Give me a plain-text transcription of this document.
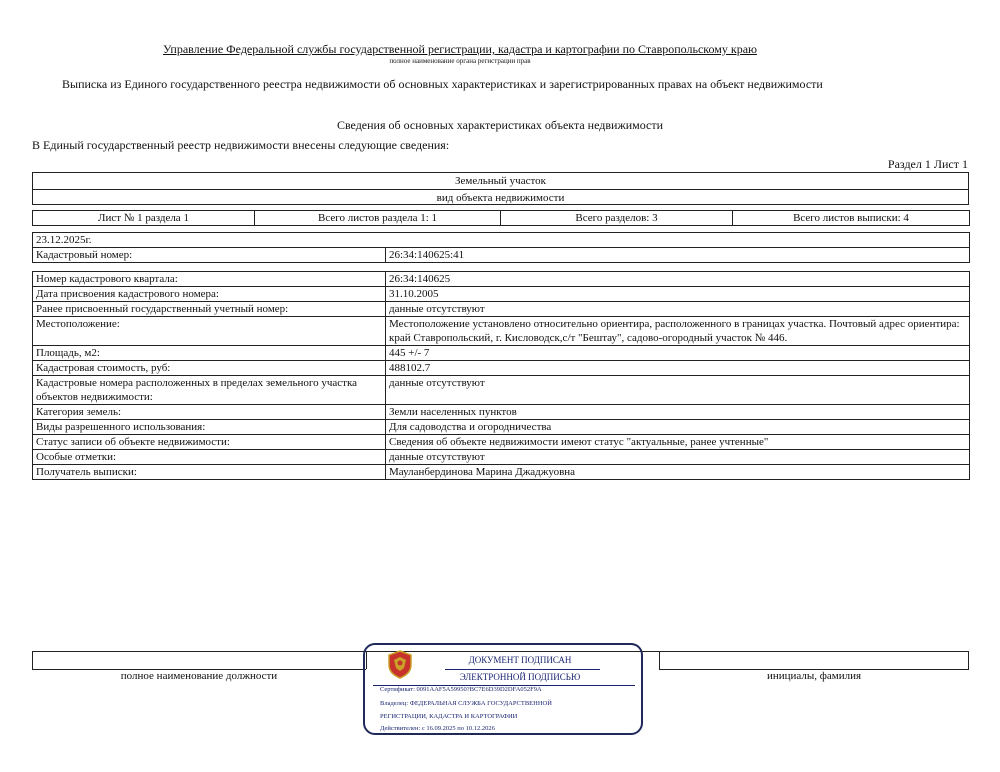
Управление Федеральной службы государственной регистрации, кадастра и картографии по Ставропольскому краю
полное наименование органа регистрации прав
Выписка из Единого государственного реестра недвижимости об основных характеристиках и зарегистрированных правах на объект недвижимости
Сведения об основных характеристиках объекта недвижимости
В Единый государственный реестр недвижимости внесены следующие сведения:
Раздел 1 Лист 1
Земельный участок
вид объекта недвижимости
Лист № 1 раздела 1	Всего листов раздела 1: 1	Всего разделов: 3	Всего листов выписки: 4
23.12.2025г.
Кадастровый номер:	26:34:140625:41
Номер кадастрового квартала:	26:34:140625
Дата присвоения кадастрового номера:	31.10.2005
Ранее присвоенный государственный учетный номер:	данные отсутствуют
Местоположение:	Местоположение установлено относительно ориентира, расположенного в границах участка. Почтовый адрес ориентира: край Ставропольский, г. Кисловодск,с/т "Бештау", садово-огородный участок № 446.
Площадь, м2:	445 +/- 7
Кадастровая стоимость, руб:	488102.7
Кадастровые номера расположенных в пределах земельного участка объектов недвижимости:	данные отсутствуют
Категория земель:	Земли населенных пунктов
Виды разрешенного использования:	Для садоводства и огородничества
Статус записи об объекте недвижимости:	Сведения об объекте недвижимости имеют статус "актуальные, ранее учтенные"
Особые отметки:	данные отсутствуют
Получатель выписки:	Мауланбердинова Марина Джаджуовна
полное наименование должности	инициалы, фамилия
ДОКУМЕНТ ПОДПИСАН
ЭЛЕКТРОННОЙ ПОДПИСЬЮ
Сертификат: 0091AAF5A59950?BC7E6D39D2DFA052F9A
Владелец: ФЕДЕРАЛЬНАЯ СЛУЖБА ГОСУДАРСТВЕННОЙ
РЕГИСТРАЦИИ, КАДАСТРА И КАРТОГРАФИИ
Действителен: с 16.09.2025 по 10.12.2026
